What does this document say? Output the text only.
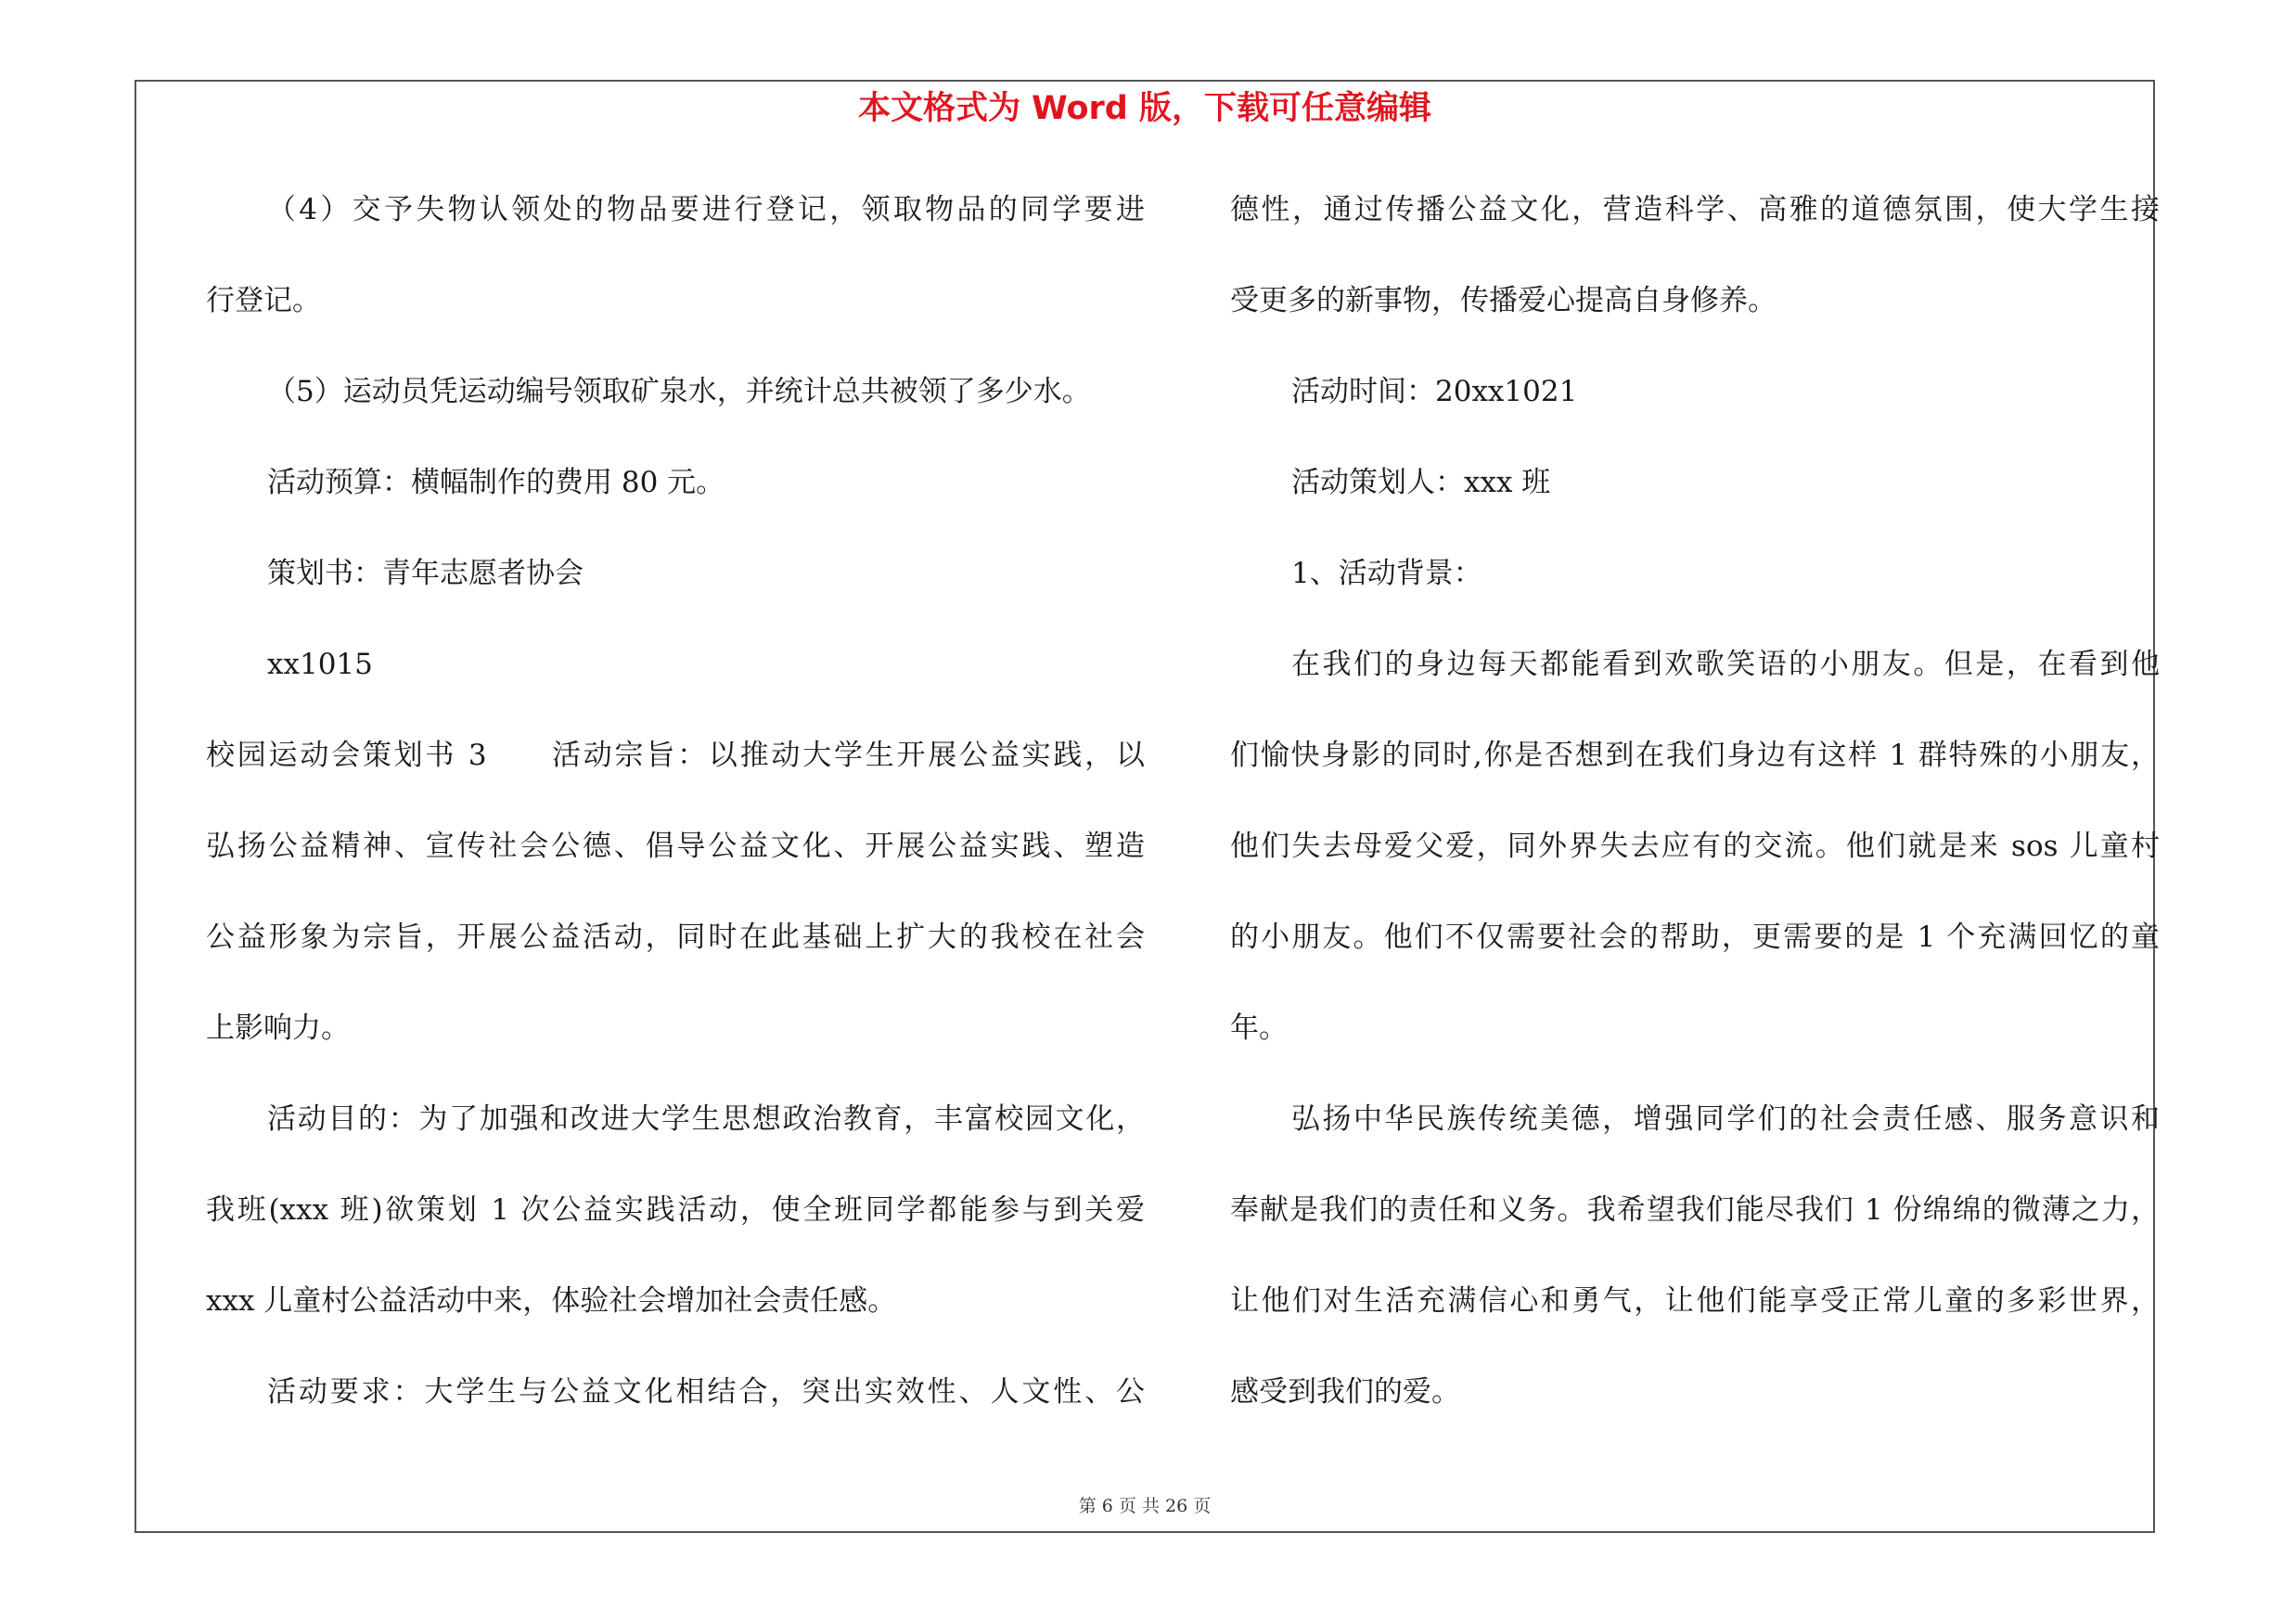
本文格式为 Word 版，下载可任意编辑
（4）交予失物认领处的物品要进行登记，领取物品的同学要进
行登记。
（5）运动员凭运动编号领取矿泉水，并统计总共被领了多少水。
活动预算：横幅制作的费用 80 元。
策划书：青年志愿者协会
xx1015
校园运动会策划书 3　　活动宗旨：以推动大学生开展公益实践，以
弘扬公益精神、宣传社会公德、倡导公益文化、开展公益实践、塑造
公益形象为宗旨，开展公益活动，同时在此基础上扩大的我校在社会
上影响力。
活动目的：为了加强和改进大学生思想政治教育，丰富校园文化，
我班(xxx 班)欲策划 1 次公益实践活动，使全班同学都能参与到关爱
xxx 儿童村公益活动中来，体验社会增加社会责任感。
活动要求：大学生与公益文化相结合，突出实效性、人文性、公
德性，通过传播公益文化，营造科学、高雅的道德氛围，使大学生接
受更多的新事物，传播爱心提高自身修养。
活动时间：20xx1021
活动策划人：xxx 班
1、活动背景：
在我们的身边每天都能看到欢歌笑语的小朋友。但是，在看到他
们愉快身影的同时,你是否想到在我们身边有这样 1 群特殊的小朋友，
他们失去母爱父爱，同外界失去应有的交流。他们就是来 sos 儿童村
的小朋友。他们不仅需要社会的帮助，更需要的是 1 个充满回忆的童
年。
弘扬中华民族传统美德，增强同学们的社会责任感、服务意识和
奉献是我们的责任和义务。我希望我们能尽我们 1 份绵绵的微薄之力，
让他们对生活充满信心和勇气，让他们能享受正常儿童的多彩世界，
感受到我们的爱。
第 6 页 共 26 页
